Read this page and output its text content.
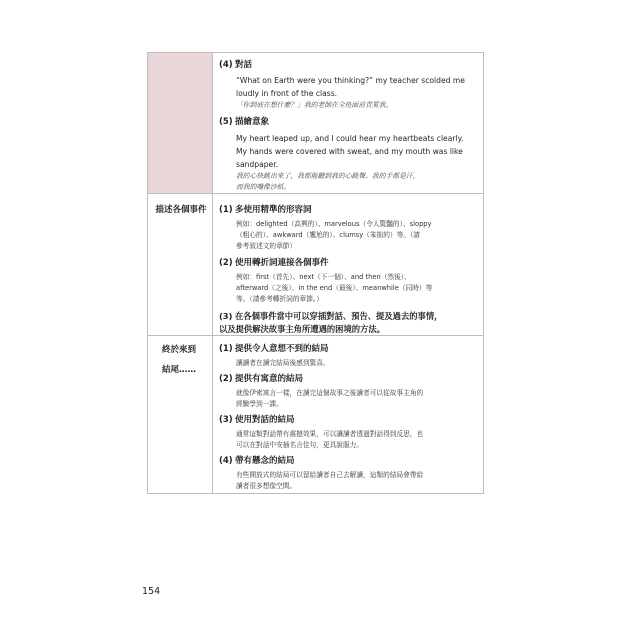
(4) 對話
“What on Earth were you thinking?” my teacher scolded me
loudly in front of the class.
「你到底在想什麼？」我的老師在全班面前責罵我。
(5) 描繪意象
My heart leaped up, and I could hear my heartbeats clearly.
My hands were covered with sweat, and my mouth was like
sandpaper.
我的心快跳出來了，我都能聽到我的心跳聲。我的手都是汗，
而我的嘴像沙紙。
描述各個事件	(1) 多使用精準的形容詞
例如：delighted（高興的）、marvelous（令人驚豔的）、sloppy
（粗心的）、awkward（尷尬的）、clumsy（笨拙的）等。（請
參考敘述文的章節）
(2) 使用轉折詞連接各個事件
例如：first（首先）、next（下一個）、and then（然後）、
afterward（之後）、in the end（最後）、meanwhile（同時）等
等。（請參考轉折詞的章節。）
(3) 在各個事件當中可以穿插對話、預告、提及過去的事情，
以及提供解決故事主角所遭遇的困境的方法。
終於來到
結尾……
(1) 提供令人意想不到的結局
讓讀者在讀完結局後感到驚喜。
(2) 提供有寓意的結局
就像伊索寓言一樣，在讀完這個故事之後讀者可以從故事主角的
經驗學到一課。
(3) 使用對話的結局
通常這類對話帶有震撼效果，可以讓讀者透過對話得到反思，也
可以在對話中安插名言佳句，更具說服力。
(4) 帶有懸念的結局
有些開放式的結局可以留給讀者自己去解讀，這類的結局會帶給
讀者很多想像空間。
154
